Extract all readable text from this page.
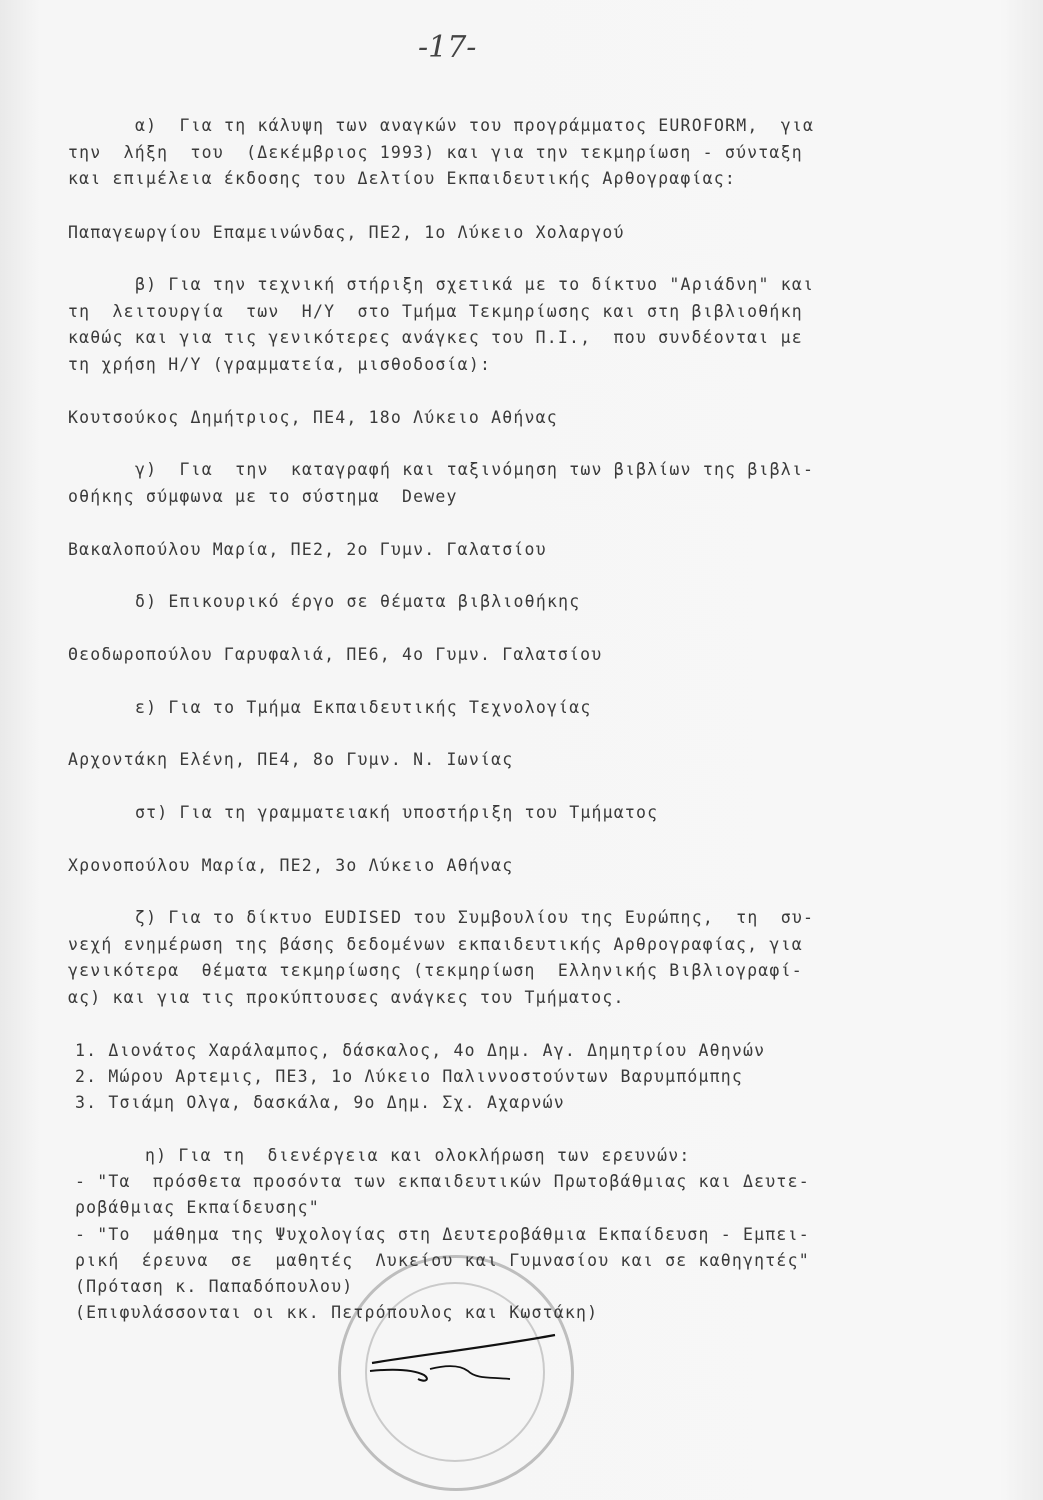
-17-
α)  Για τη κάλυψη των αναγκών του προγράμματος EUROFORM,  για
την  λήξη  του  (Δεκέμβριος 1993) και για την τεκμηρίωση - σύνταξη
και επιμέλεια έκδοσης του Δελτίου Εκπαιδευτικής Αρθογραφίας:
Παπαγεωργίου Επαμεινώνδας, ΠΕ2, 1ο Λύκειο Χολαργού
β) Για την τεχνική στήριξη σχετικά με το δίκτυο "Αριάδνη" και
τη  λειτουργία  των  Η/Υ  στο Τμήμα Τεκμηρίωσης και στη βιβλιοθήκη
καθώς και για τις γενικότερες ανάγκες του Π.Ι.,  που συνδέονται με
τη χρήση Η/Υ (γραμματεία, μισθοδοσία):
Κουτσούκος Δημήτριος, ΠΕ4, 18ο Λύκειο Αθήνας
γ)  Για  την  καταγραφή και ταξινόμηση των βιβλίων της βιβλι-
οθήκης σύμφωνα με το σύστημα  Dewey
Βακαλοπούλου Μαρία, ΠΕ2, 2ο Γυμν. Γαλατσίου
δ) Επικουρικό έργο σε θέματα βιβλιοθήκης
Θεοδωροπούλου Γαρυφαλιά, ΠΕ6, 4ο Γυμν. Γαλατσίου
ε) Για το Τμήμα Εκπαιδευτικής Τεχνολογίας
Αρχοντάκη Ελένη, ΠΕ4, 8ο Γυμν. Ν. Ιωνίας
στ) Για τη γραμματειακή υποστήριξη του Τμήματος
Χρονοπούλου Μαρία, ΠΕ2, 3ο Λύκειο Αθήνας
ζ) Για το δίκτυο EUDISED του Συμβουλίου της Ευρώπης,  τη  συ-
νεχή ενημέρωση της βάσης δεδομένων εκπαιδευτικής Αρθρογραφίας, για
γενικότερα  θέματα τεκμηρίωσης (τεκμηρίωση  Ελληνικής Βιβλιογραφί-
ας) και για τις προκύπτουσες ανάγκες του Τμήματος.
1. Διονάτος Χαράλαμπος, δάσκαλος, 4ο Δημ. Αγ. Δημητρίου Αθηνών
2. Μώρου Αρτεμις, ΠΕ3, 1ο Λύκειο Παλιννοστούντων Βαρυμπόμπης
3. Τσιάμη Ολγα, δασκάλα, 9ο Δημ. Σχ. Αχαρνών
η) Για τη  διενέργεια και ολοκλήρωση των ερευνών:
- "Τα  πρόσθετα προσόντα των εκπαιδευτικών Πρωτοβάθμιας και Δευτε-
ροβάθμιας Εκπαίδευσης"
- "Το  μάθημα της Ψυχολογίας στη Δευτεροβάθμια Εκπαίδευση - Εμπει-
ρική  έρευνα  σε  μαθητές  Λυκείου και Γυμνασίου και σε καθηγητές"
(Πρόταση κ. Παπαδόπουλου)
(Επιφυλάσσονται οι κκ. Πετρόπουλος και Κωστάκη)
